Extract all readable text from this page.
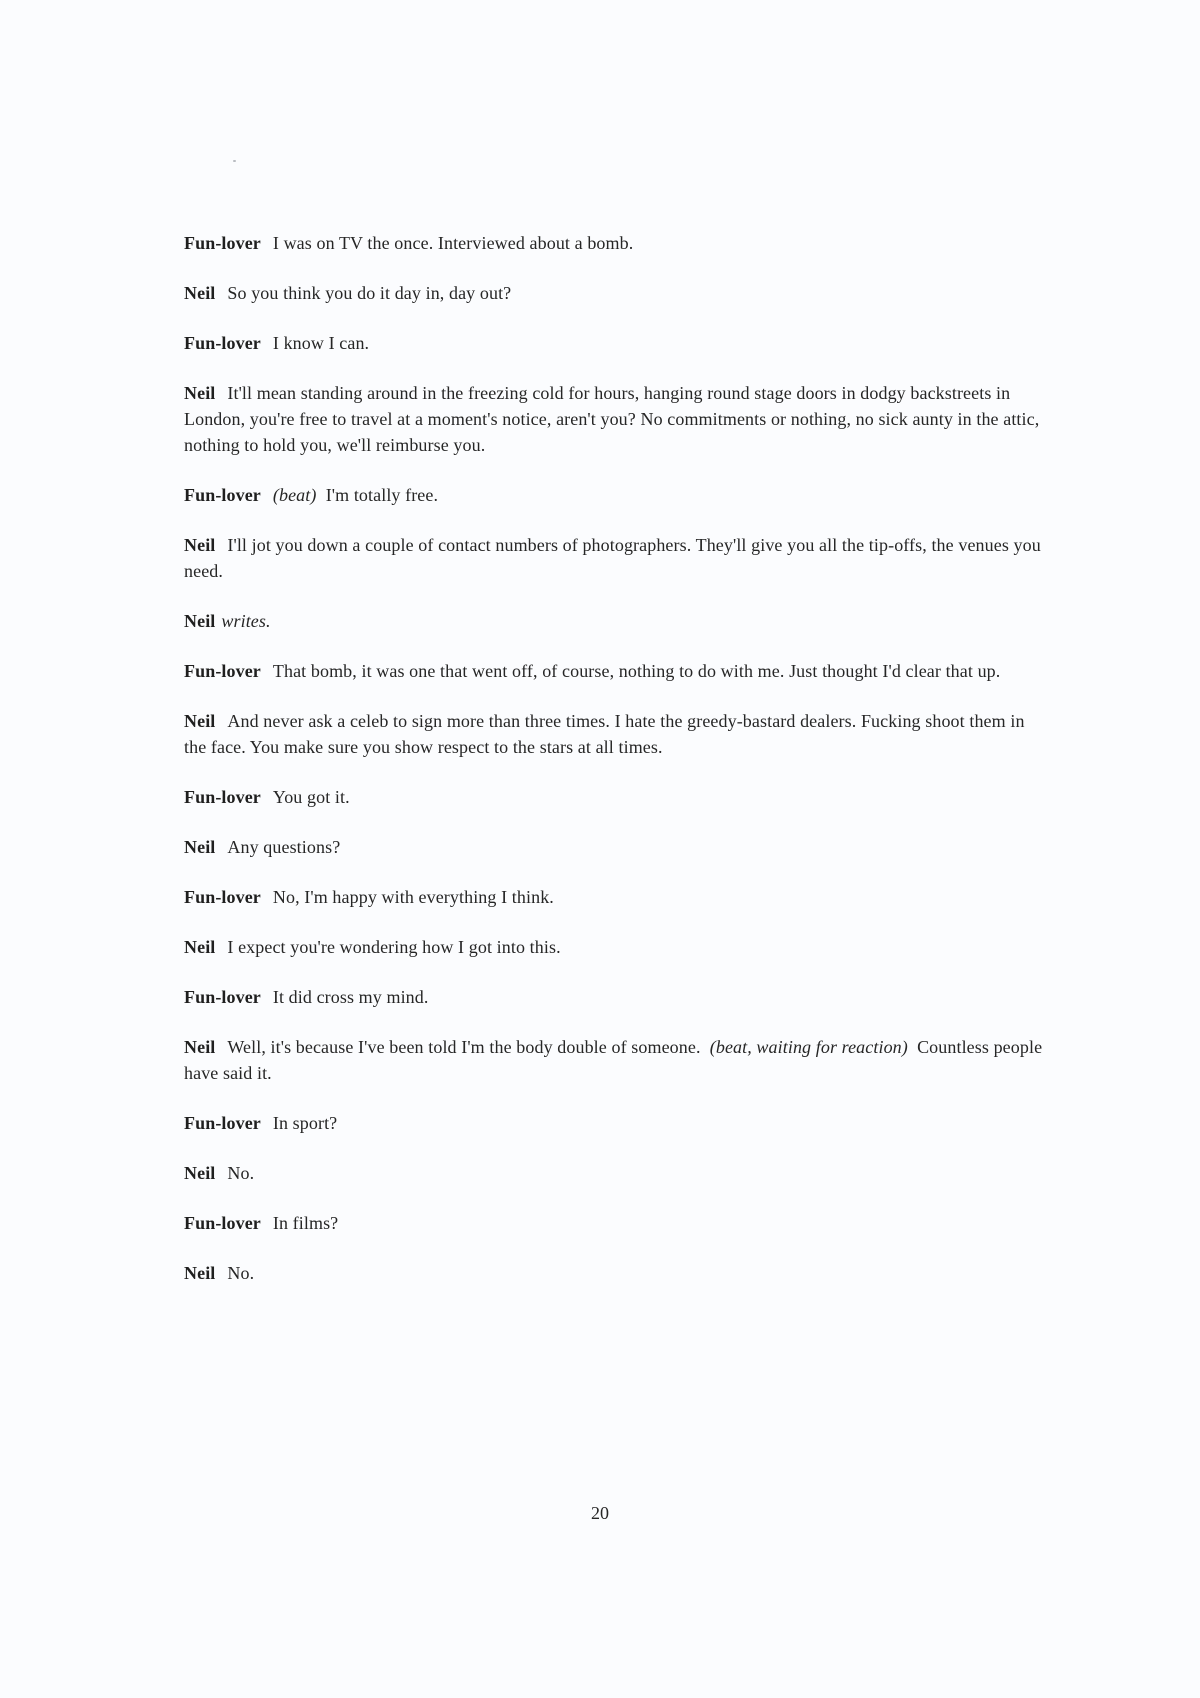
Fun-lover I was on TV the once. Interviewed about a bomb.

Neil So you think you do it day in, day out?

Fun-lover I know I can.

Neil It'll mean standing around in the freezing cold for hours, hanging round stage doors in dodgy backstreets in London, you're free to travel at a moment's notice, aren't you? No commitments or nothing, no sick aunty in the attic, nothing to hold you, we'll reimburse you.

Fun-lover (beat) I'm totally free.

Neil I'll jot you down a couple of contact numbers of photographers. They'll give you all the tip-offs, the venues you need.

Neil writes.

Fun-lover That bomb, it was one that went off, of course, nothing to do with me. Just thought I'd clear that up.

Neil And never ask a celeb to sign more than three times. I hate the greedy-bastard dealers. Fucking shoot them in the face. You make sure you show respect to the stars at all times.

Fun-lover You got it.

Neil Any questions?

Fun-lover No, I'm happy with everything I think.

Neil I expect you're wondering how I got into this.

Fun-lover It did cross my mind.

Neil Well, it's because I've been told I'm the body double of someone. (beat, waiting for reaction) Countless people have said it.

Fun-lover In sport?

Neil No.

Fun-lover In films?

Neil No.

20
